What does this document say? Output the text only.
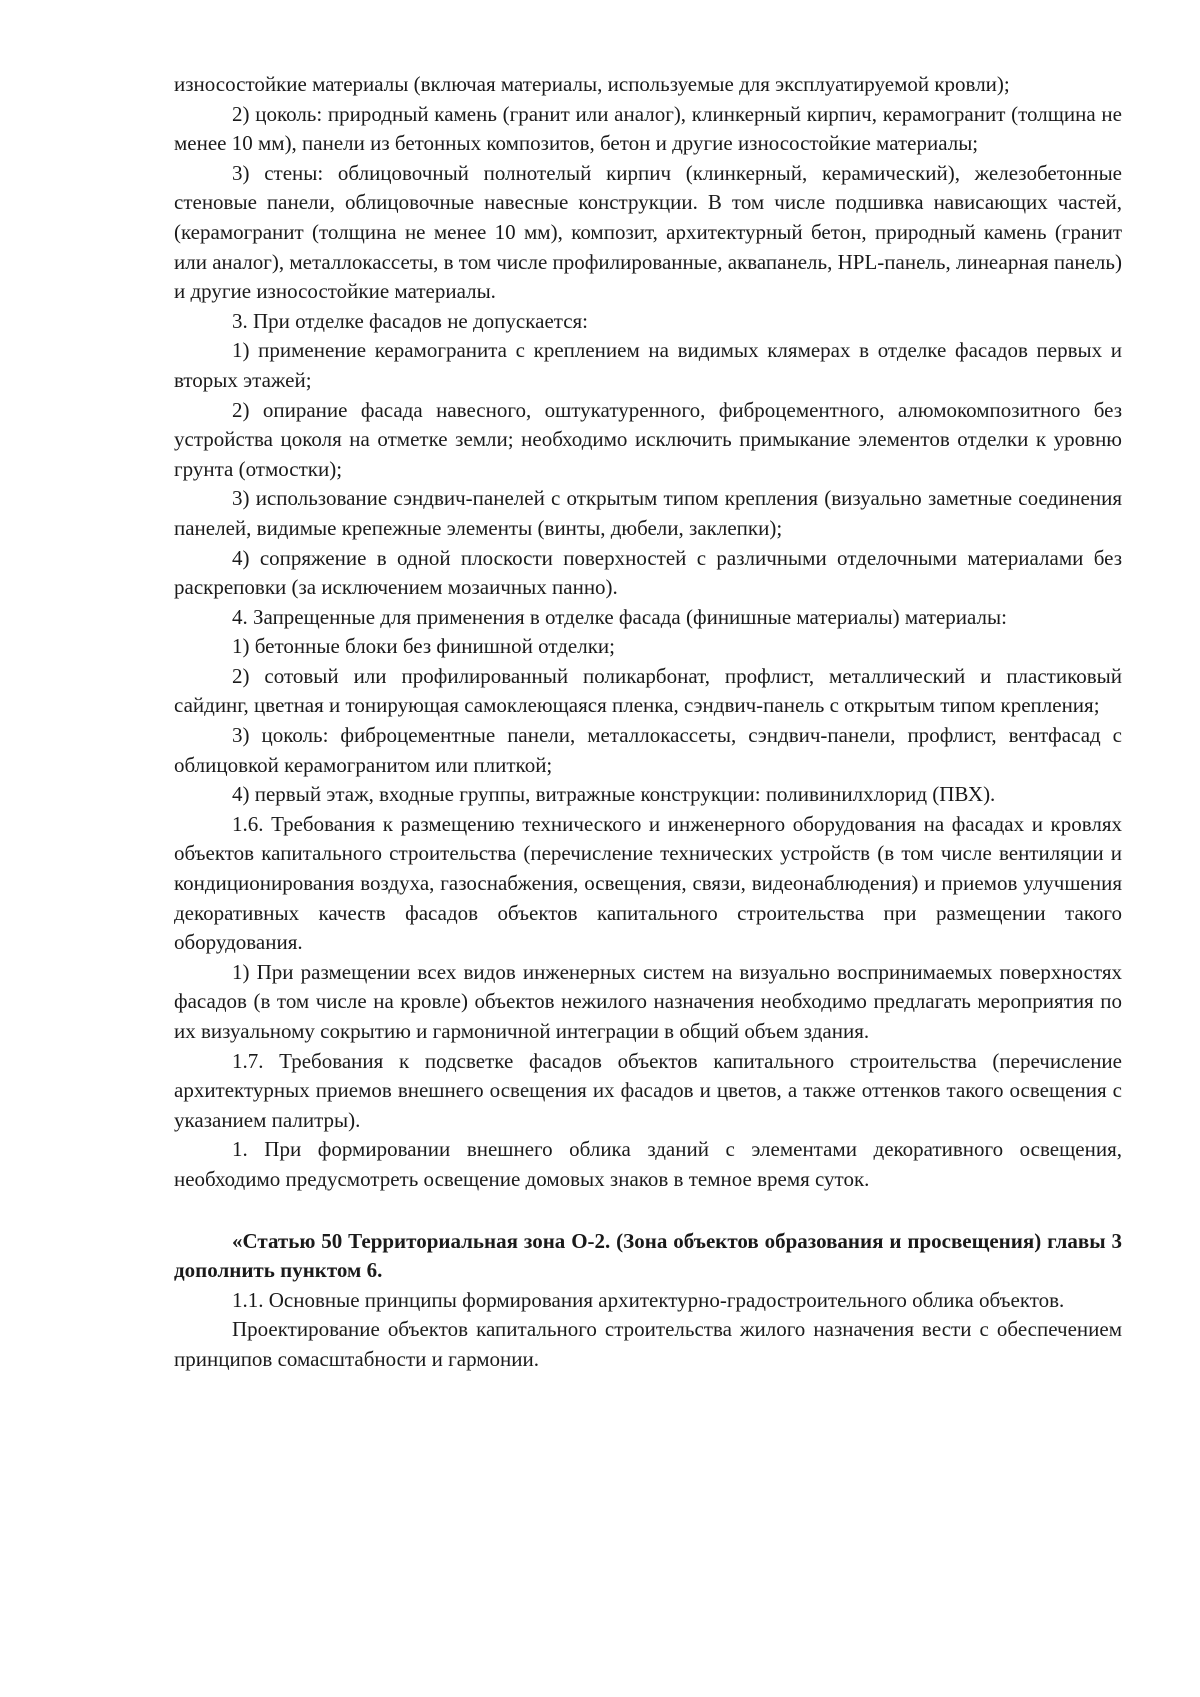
износостойкие материалы (включая материалы, используемые для эксплуатируемой кровли);

2) цоколь: природный камень (гранит или аналог), клинкерный кирпич, керамогранит (толщина не менее 10 мм), панели из бетонных композитов, бетон и другие износостойкие материалы;

3) стены: облицовочный полнотелый кирпич (клинкерный, керамический), железобетонные стеновые панели, облицовочные навесные конструкции. В том числе подшивка нависающих частей, (керамогранит (толщина не менее 10 мм), композит, архитектурный бетон, природный камень (гранит или аналог), металлокассеты, в том числе профилированные, аквапанель, HPL-панель, линеарная панель) и другие износостойкие материалы.

3. При отделке фасадов не допускается:

1) применение керамогранита с креплением на видимых клямерах в отделке фасадов первых и вторых этажей;

2) опирание фасада навесного, оштукатуренного, фиброцементного, алюмокомпозитного без устройства цоколя на отметке земли; необходимо исключить примыкание элементов отделки к уровню грунта (отмостки);

3) использование сэндвич-панелей с открытым типом крепления (визуально заметные соединения панелей, видимые крепежные элементы (винты, дюбели, заклепки);

4) сопряжение в одной плоскости поверхностей с различными отделочными материалами без раскреповки (за исключением мозаичных панно).

4. Запрещенные для применения в отделке фасада (финишные материалы) материалы:

1) бетонные блоки без финишной отделки;

2) сотовый или профилированный поликарбонат, профлист, металлический и пластиковый сайдинг, цветная и тонирующая самоклеющаяся пленка, сэндвич-панель с открытым типом крепления;

3) цоколь: фиброцементные панели, металлокассеты, сэндвич-панели, профлист, вентфасад с облицовкой керамогранитом или плиткой;

4) первый этаж, входные группы, витражные конструкции: поливинилхлорид (ПВХ).

1.6. Требования к размещению технического и инженерного оборудования на фасадах и кровлях объектов капитального строительства (перечисление технических устройств (в том числе вентиляции и кондиционирования воздуха, газоснабжения, освещения, связи, видеонаблюдения) и приемов улучшения декоративных качеств фасадов объектов капитального строительства при размещении такого оборудования.

1) При размещении всех видов инженерных систем на визуально воспринимаемых поверхностях фасадов (в том числе на кровле) объектов нежилого назначения необходимо предлагать мероприятия по их визуальному сокрытию и гармоничной интеграции в общий объем здания.

1.7. Требования к подсветке фасадов объектов капитального строительства (перечисление архитектурных приемов внешнего освещения их фасадов и цветов, а также оттенков такого освещения с указанием палитры).

1. При формировании внешнего облика зданий с элементами декоративного освещения, необходимо предусмотреть освещение домовых знаков в темное время суток.

«Статью 50 Территориальная зона О-2. (Зона объектов образования и просвещения) главы 3 дополнить пунктом 6.

1.1. Основные принципы формирования архитектурно-градостроительного облика объектов.

Проектирование объектов капитального строительства жилого назначения вести с обеспечением принципов сомасштабности и гармонии.
